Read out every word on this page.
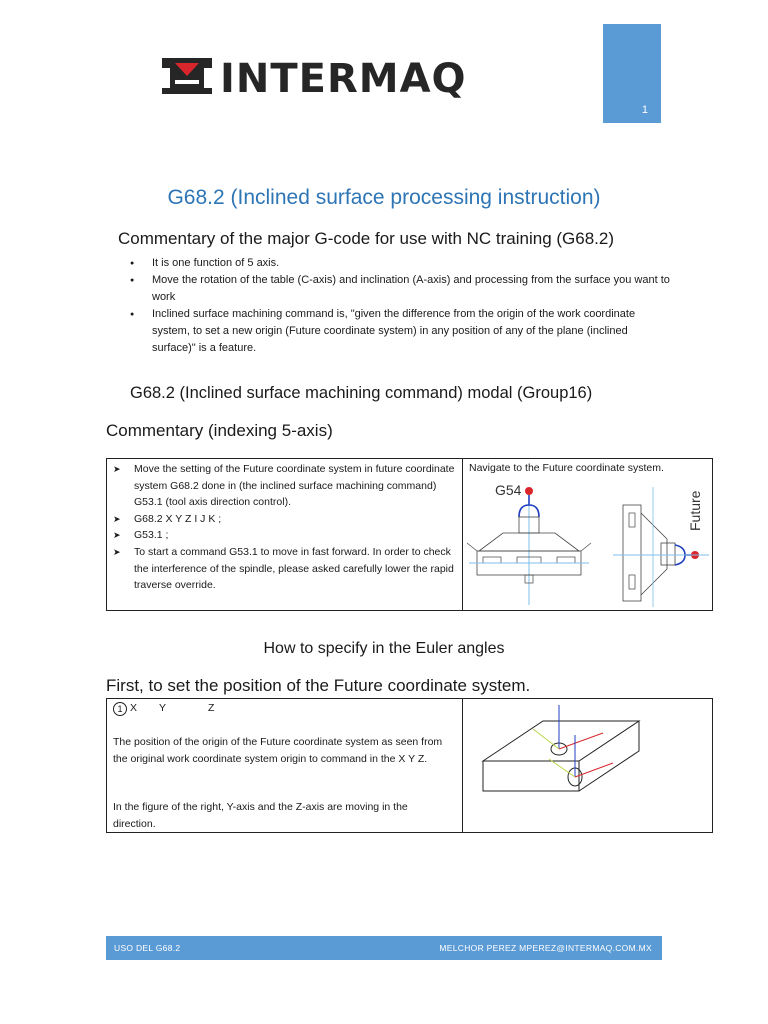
INTERMAQ
1
G68.2 (Inclined surface processing instruction)
Commentary of the major G-code for use with NC training (G68.2)
● It is one function of 5 axis.
● Move the rotation of the table (C-axis) and inclination (A-axis) and processing from the surface you want to work
● Inclined surface machining command is, "given the difference from the origin of the work coordinate system, to set a new origin (Future coordinate system) in any position of any of the plane (inclined surface)" is a feature.
G68.2 (Inclined surface machining command) modal (Group16)
Commentary (indexing 5-axis)
➤ Move the setting of the Future coordinate system in future coordinate system G68.2 done in (the inclined surface machining command) G53.1 (tool axis direction control).
➤ G68.2 X Y Z I J K ;
➤ G53.1 ;
➤ To start a command G53.1 to move in fast forward. In order to check the interference of the spindle, please asked carefully lower the rapid traverse override.

Navigate to the Future coordinate system.
G54
Future
How to specify in the Euler angles
First, to set the position of the Future coordinate system.
1 X Y	Z

The position of the origin of the Future coordinate system as seen from the original work coordinate system origin to command in the X Y Z.

In the figure of the right, Y-axis and the Z-axis are moving in the direction.

USO DEL G68.2	MELCHOR PEREZ MPEREZ@INTERMAQ.COM.MX
